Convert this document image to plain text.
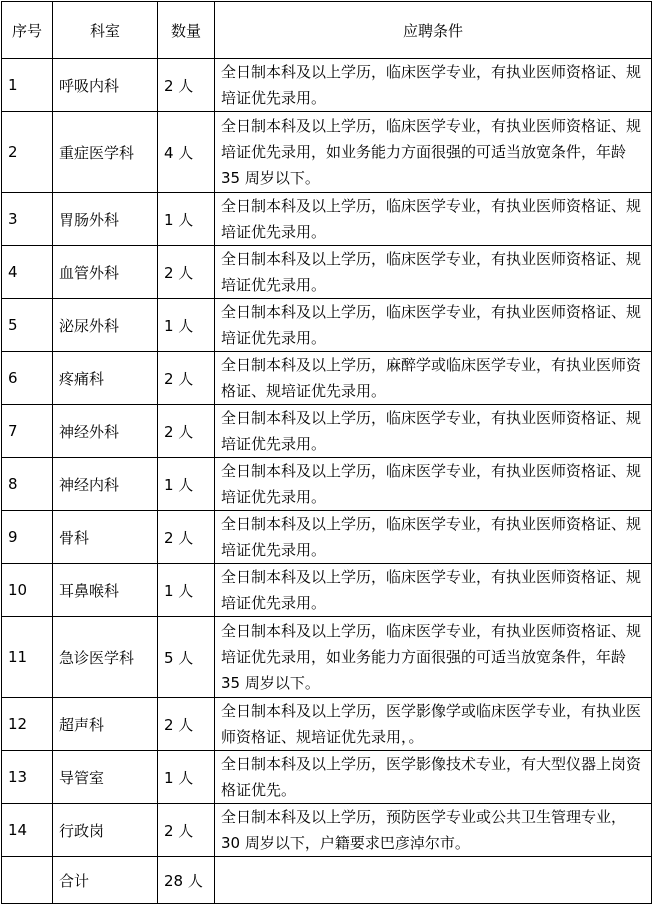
序号	科室	数量	应聘条件
1	呼吸内科	2 人	全日制本科及以上学历，临床医学专业，有执业医师资格证、规培证优先录用。
2	重症医学科	4 人	全日制本科及以上学历，临床医学专业，有执业医师资格证、规培证优先录用，如业务能力方面很强的可适当放宽条件，年龄 35 周岁以下。
3	胃肠外科	1 人	全日制本科及以上学历，临床医学专业，有执业医师资格证、规培证优先录用。
4	血管外科	2 人	全日制本科及以上学历，临床医学专业，有执业医师资格证、规培证优先录用。
5	泌尿外科	1 人	全日制本科及以上学历，临床医学专业，有执业医师资格证、规培证优先录用。
6	疼痛科	2 人	全日制本科及以上学历，麻醉学或临床医学专业，有执业医师资格证、规培证优先录用。
7	神经外科	2 人	全日制本科及以上学历，临床医学专业，有执业医师资格证、规培证优先录用。
8	神经内科	1 人	全日制本科及以上学历，临床医学专业，有执业医师资格证、规培证优先录用。
9	骨科	2 人	全日制本科及以上学历，临床医学专业，有执业医师资格证、规培证优先录用。
10	耳鼻喉科	1 人	全日制本科及以上学历，临床医学专业，有执业医师资格证、规培证优先录用。
11	急诊医学科	5 人	全日制本科及以上学历，临床医学专业，有执业医师资格证、规培证优先录用，如业务能力方面很强的可适当放宽条件，年龄 35 周岁以下。
12	超声科	2 人	全日制本科及以上学历，医学影像学或临床医学专业，有执业医师资格证、规培证优先录用，。
13	导管室	1 人	全日制本科及以上学历，医学影像技术专业，有大型仪器上岗资格证优先。
14	行政岗	2 人	全日制本科及以上学历，预防医学专业或公共卫生管理专业，30 周岁以下，户籍要求巴彦淖尔市。
	合计	28 人	
